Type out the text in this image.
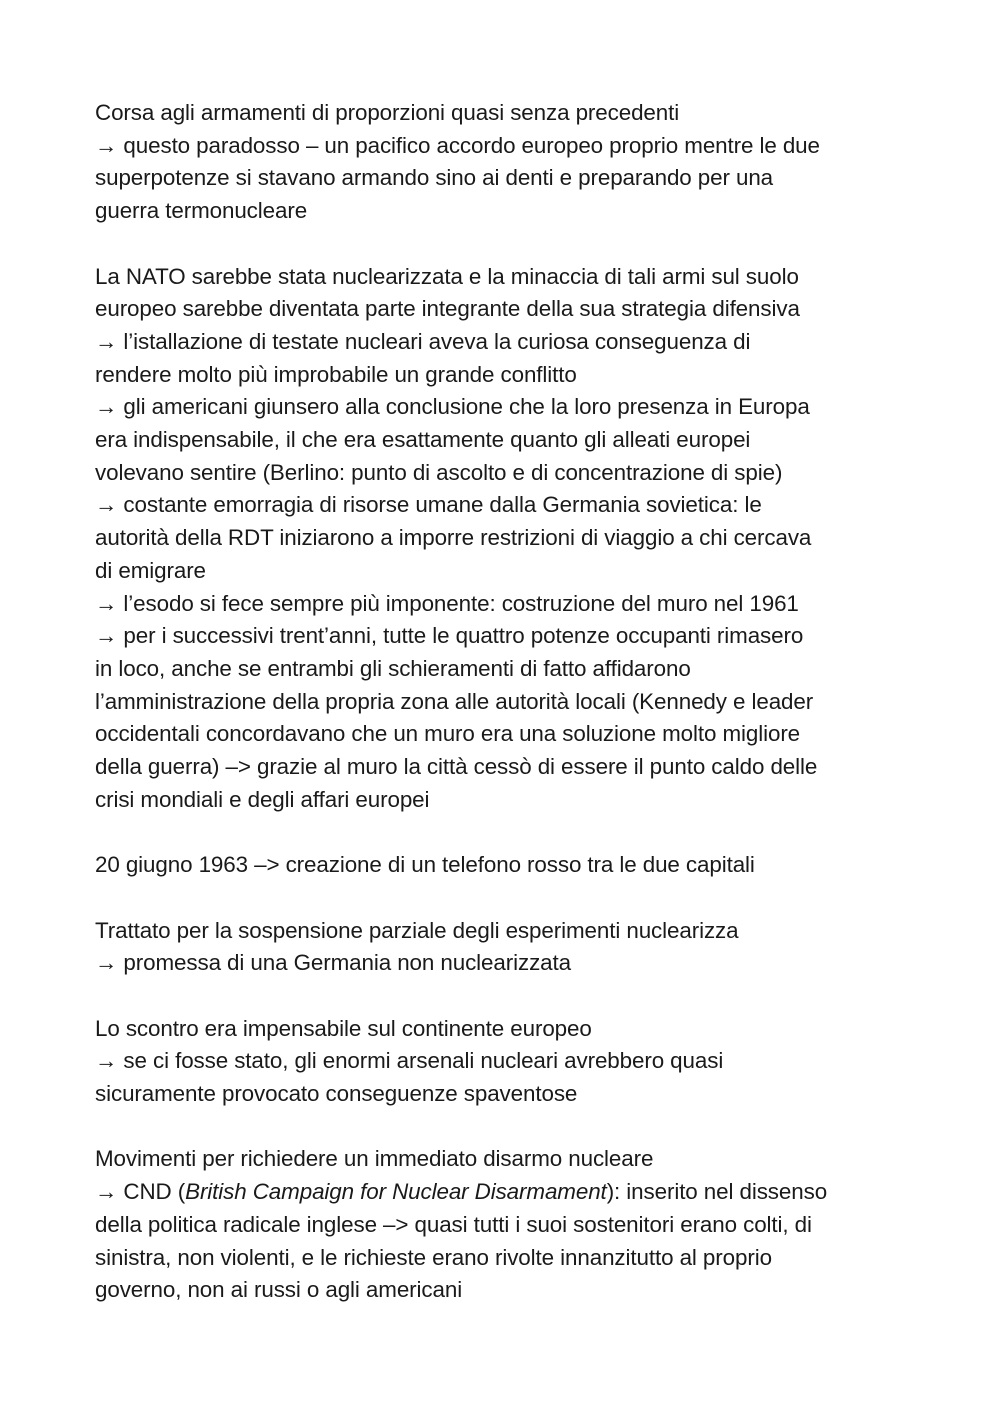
Corsa agli armamenti di proporzioni quasi senza precedenti
→ questo paradosso – un pacifico accordo europeo proprio mentre le due
superpotenze si stavano armando sino ai denti e preparando per una
guerra termonucleare

La NATO sarebbe stata nuclearizzata e la minaccia di tali armi sul suolo
europeo sarebbe diventata parte integrante della sua strategia difensiva
→ l’istallazione di testate nucleari aveva la curiosa conseguenza di
rendere molto più improbabile un grande conflitto
→ gli americani giunsero alla conclusione che la loro presenza in Europa
era indispensabile, il che era esattamente quanto gli alleati europei
volevano sentire (Berlino: punto di ascolto e di concentrazione di spie)
→ costante emorragia di risorse umane dalla Germania sovietica: le
autorità della RDT iniziarono a imporre restrizioni di viaggio a chi cercava
di emigrare
→ l’esodo si fece sempre più imponente: costruzione del muro nel 1961
→ per i successivi trent’anni, tutte le quattro potenze occupanti rimasero
in loco, anche se entrambi gli schieramenti di fatto affidarono
l’amministrazione della propria zona alle autorità locali (Kennedy e leader
occidentali concordavano che un muro era una soluzione molto migliore
della guerra) –> grazie al muro la città cessò di essere il punto caldo delle
crisi mondiali e degli affari europei

20 giugno 1963 –> creazione di un telefono rosso tra le due capitali

Trattato per la sospensione parziale degli esperimenti nuclearizza
→ promessa di una Germania non nuclearizzata

Lo scontro era impensabile sul continente europeo
→ se ci fosse stato, gli enormi arsenali nucleari avrebbero quasi
sicuramente provocato conseguenze spaventose

Movimenti per richiedere un immediato disarmo nucleare
→ CND (British Campaign for Nuclear Disarmament): inserito nel dissenso
della politica radicale inglese –> quasi tutti i suoi sostenitori erano colti, di
sinistra, non violenti, e le richieste erano rivolte innanzitutto al proprio
governo, non ai russi o agli americani
